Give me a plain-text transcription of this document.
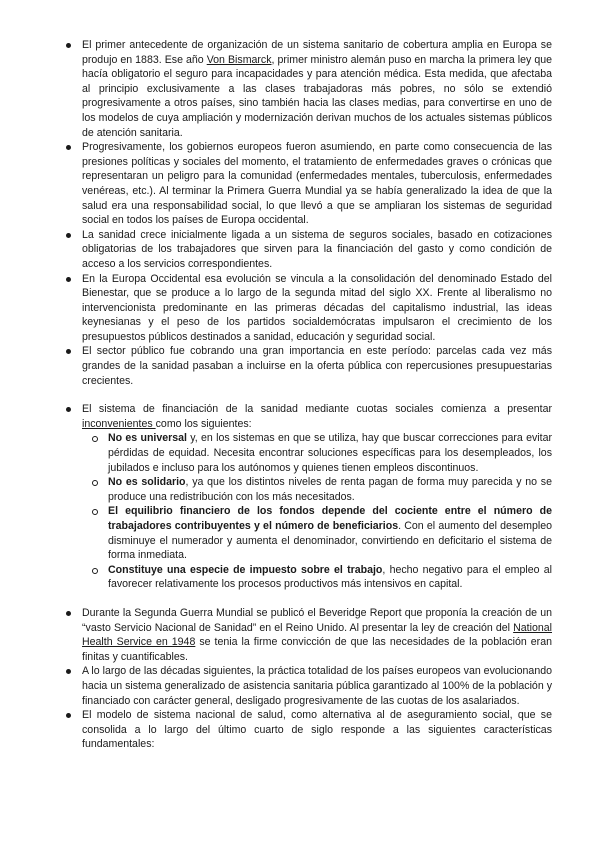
El primer antecedente de organización de un sistema sanitario de cobertura amplia en Europa se produjo en 1883. Ese año Von Bismarck, primer ministro alemán puso en marcha la primera ley que hacía obligatorio el seguro para incapacidades y para atención médica. Esta medida, que afectaba al principio exclusivamente a las clases trabajadoras más pobres, no sólo se extendió progresivamente a otros países, sino también hacia las clases medias, para convertirse en uno de los modelos de cuya ampliación y modernización derivan muchos de los actuales sistemas públicos de atención sanitaria.
Progresivamente, los gobiernos europeos fueron asumiendo, en parte como consecuencia de las presiones políticas y sociales del momento, el tratamiento de enfermedades graves o crónicas que representaran un peligro para la comunidad (enfermedades mentales, tuberculosis, enfermedades venéreas, etc.). Al terminar la Primera Guerra Mundial ya se había generalizado la idea de que la salud era una responsabilidad social, lo que llevó a que se ampliaran los sistemas de seguridad social en todos los países de Europa occidental.
La sanidad crece inicialmente ligada a un sistema de seguros sociales, basado en cotizaciones obligatorias de los trabajadores que sirven para la financiación del gasto y como condición de acceso a los servicios correspondientes.
En la Europa Occidental esa evolución se vincula a la consolidación del denominado Estado del Bienestar, que se produce a lo largo de la segunda mitad del siglo XX. Frente al liberalismo no intervencionista predominante en las primeras décadas del capitalismo industrial, las ideas keynesianas y el peso de los partidos socialdemócratas impulsaron el crecimiento de los presupuestos públicos destinados a sanidad, educación y seguridad social.
El sector público fue cobrando una gran importancia en este período: parcelas cada vez más grandes de la sanidad pasaban a incluirse en la oferta pública con repercusiones presupuestarias crecientes.
El sistema de financiación de la sanidad mediante cuotas sociales comienza a presentar inconvenientes como los siguientes:
No es universal y, en los sistemas en que se utiliza, hay que buscar correcciones para evitar pérdidas de equidad. Necesita encontrar soluciones específicas para los desempleados, los jubilados e incluso para los autónomos y quienes tienen empleos discontinuos.
No es solidario, ya que los distintos niveles de renta pagan de forma muy parecida y no se produce una redistribución con los más necesitados.
El equilibrio financiero de los fondos depende del cociente entre el número de trabajadores contribuyentes y el número de beneficiarios. Con el aumento del desempleo disminuye el numerador y aumenta el denominador, convirtiendo en deficitario el sistema de forma inmediata.
Constituye una especie de impuesto sobre el trabajo, hecho negativo para el empleo al favorecer relativamente los procesos productivos más intensivos en capital.
Durante la Segunda Guerra Mundial se publicó el Beveridge Report que proponía la creación de un “vasto Servicio Nacional de Sanidad” en el Reino Unido. Al presentar la ley de creación del National Health Service en 1948 se tenia la firme convicción de que las necesidades de la población eran finitas y cuantificables.
A lo largo de las décadas siguientes, la práctica totalidad de los países europeos van evolucionando hacia un sistema generalizado de asistencia sanitaria pública garantizado al 100% de la población y financiado con carácter general, desligado progresivamente de las cuotas de los asalariados.
El modelo de sistema nacional de salud, como alternativa al de aseguramiento social, que se consolida a lo largo del último cuarto de siglo responde a las siguientes características fundamentales:
